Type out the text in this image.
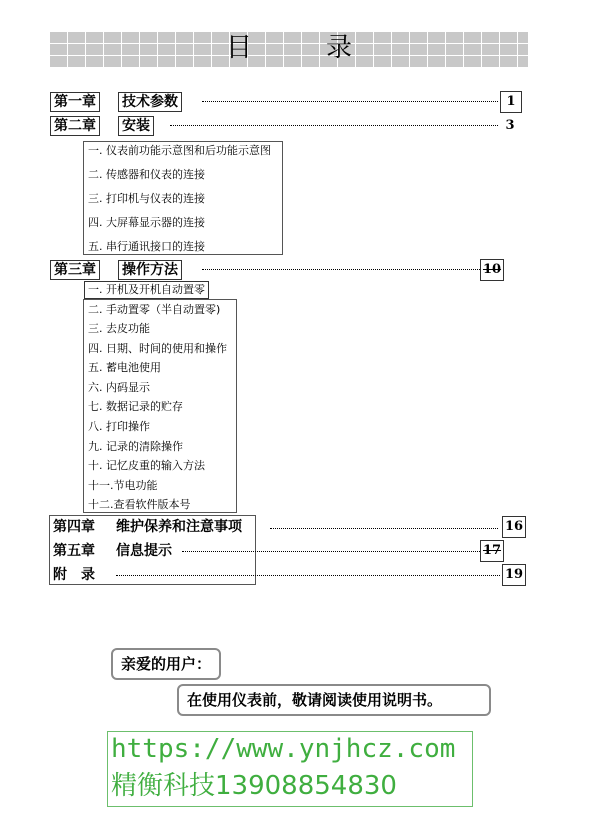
目	录
第一章 技术参数	1
第二章 安装	3
一. 仪表前功能示意图和后功能示意图
二. 传感器和仪表的连接
三. 打印机与仪表的连接
四. 大屏幕显示器的连接
五. 串行通讯接口的连接
第三章 操作方法	10
一. 开机及开机自动置零
二. 手动置零（半自动置零)
三. 去皮功能
四. 日期、时间的使用和操作
五. 蓄电池使用
六. 内码显示
七. 数据记录的贮存
八. 打印操作
九. 记录的清除操作
十. 记忆皮重的输入方法
十一.节电功能
十二.查看软件版本号
第四章 维护保养和注意事项	16
第五章 信息提示	17
附　录	19
亲爱的用户：
在使用仪表前，敬请阅读使用说明书。
https://www.ynjhcz.com
精衡科技13908854830
